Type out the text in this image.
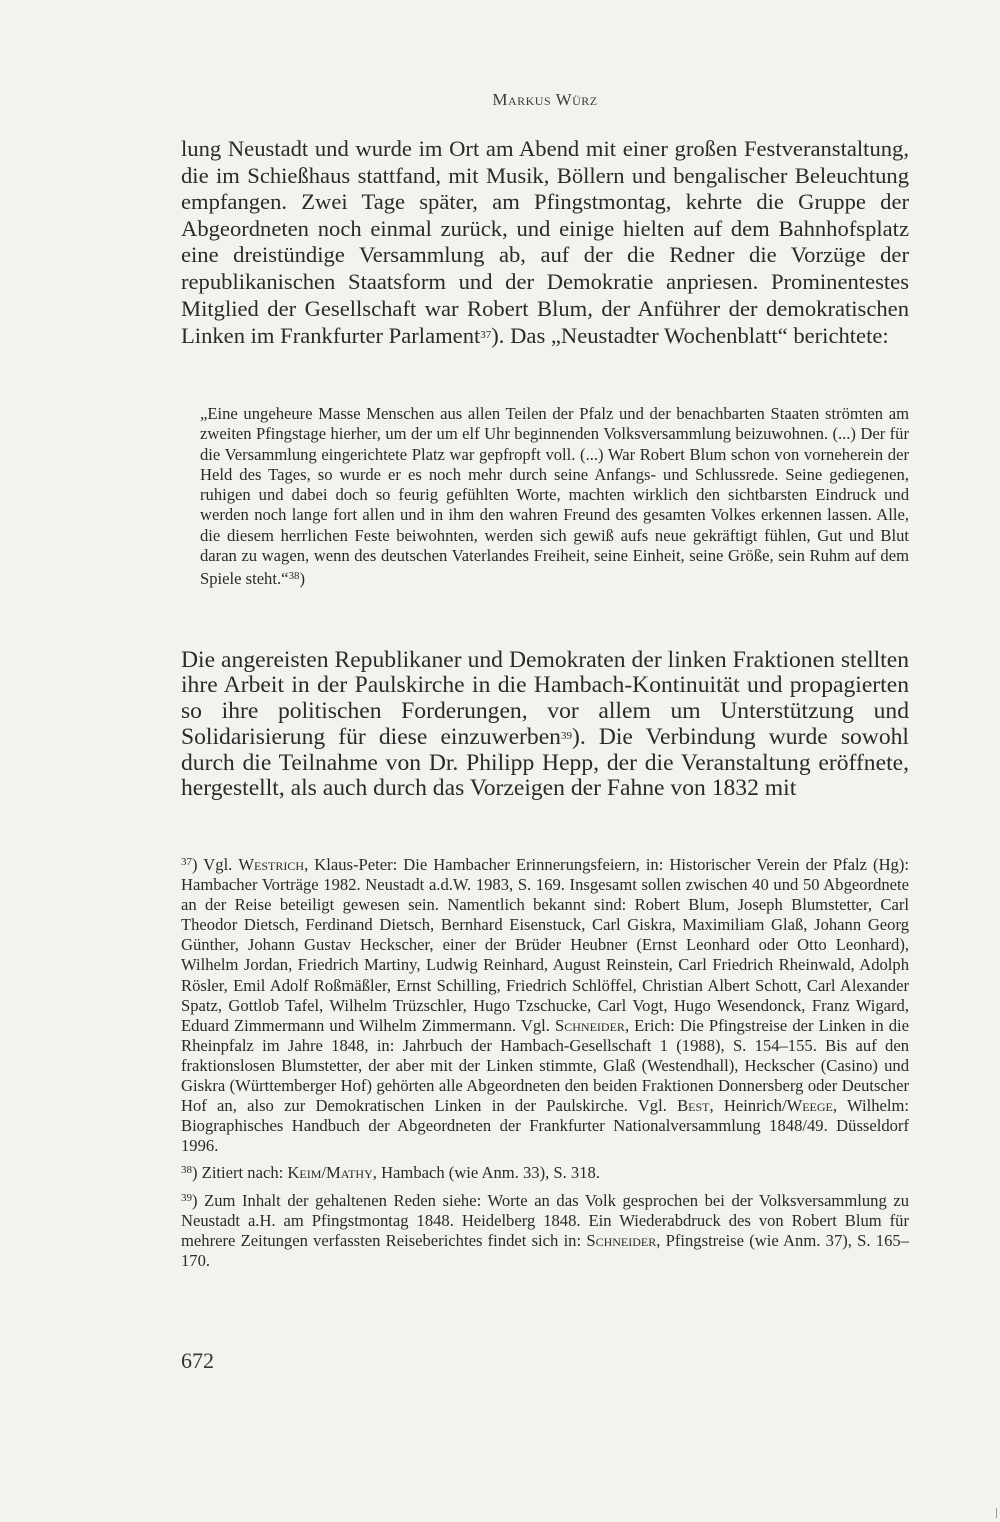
Markus Würz

lung Neustadt und wurde im Ort am Abend mit einer großen Festveranstaltung, die im Schießhaus stattfand, mit Musik, Böllern und bengalischer Beleuchtung empfangen. Zwei Tage später, am Pfingstmontag, kehrte die Gruppe der Abgeordneten noch einmal zurück, und einige hielten auf dem Bahnhofsplatz eine dreistündige Versammlung ab, auf der die Redner die Vorzüge der republikanischen Staatsform und der Demokratie anpriesen. Prominentestes Mitglied der Gesellschaft war Robert Blum, der Anführer der demokratischen Linken im Frankfurter Parlament$^{37}$). Das „Neustadter Wochenblatt“ berichtete:

„Eine ungeheure Masse Menschen aus allen Teilen der Pfalz und der benachbarten Staaten strömten am zweiten Pfingstage hierher, um der um elf Uhr beginnenden Volksversammlung beizuwohnen. (...) Der für die Versammlung eingerichtete Platz war gepfropft voll. (...) War Robert Blum schon von vorneherein der Held des Tages, so wurde er es noch mehr durch seine Anfangs- und Schlussrede. Seine gediegenen, ruhigen und dabei doch so feurig gefühlten Worte, machten wirklich den sichtbarsten Eindruck und werden noch lange fort allen und in ihm den wahren Freund des gesamten Volkes erkennen lassen. Alle, die diesem herrlichen Feste beiwohnten, werden sich gewiß aufs neue gekräftigt fühlen, Gut und Blut daran zu wagen, wenn des deutschen Vaterlandes Freiheit, seine Einheit, seine Größe, sein Ruhm auf dem Spiele steht.“$^{38}$)

Die angereisten Republikaner und Demokraten der linken Fraktionen stellten ihre Arbeit in der Paulskirche in die Hambach-Kontinuität und propagierten so ihre politischen Forderungen, vor allem um Unterstützung und Solidarisierung für diese einzuwerben$^{39}$). Die Verbindung wurde sowohl durch die Teilnahme von Dr. Philipp Hepp, der die Veranstaltung eröffnete, hergestellt, als auch durch das Vorzeigen der Fahne von 1832 mit

$^{37}$) Vgl. Westrich, Klaus-Peter: Die Hambacher Erinnerungsfeiern, in: Historischer Verein der Pfalz (Hg): Hambacher Vorträge 1982. Neustadt a.d.W. 1983, S. 169. Insgesamt sollen zwischen 40 und 50 Abgeordnete an der Reise beteiligt gewesen sein. Namentlich bekannt sind: Robert Blum, Joseph Blumstetter, Carl Theodor Dietsch, Ferdinand Dietsch, Bernhard Eisenstuck, Carl Giskra, Maximiliam Glaß, Johann Georg Günther, Johann Gustav Heckscher, einer der Brüder Heubner (Ernst Leonhard oder Otto Leonhard), Wilhelm Jordan, Friedrich Martiny, Ludwig Reinhard, August Reinstein, Carl Friedrich Rheinwald, Adolph Rösler, Emil Adolf Roßmäßler, Ernst Schilling, Friedrich Schlöffel, Christian Albert Schott, Carl Alexander Spatz, Gottlob Tafel, Wilhelm Trüzschler, Hugo Tzschucke, Carl Vogt, Hugo Wesendonck, Franz Wigard, Eduard Zimmermann und Wilhelm Zimmermann. Vgl. Schneider, Erich: Die Pfingstreise der Linken in die Rheinpfalz im Jahre 1848, in: Jahrbuch der Hambach-Gesellschaft 1 (1988), S. 154–155. Bis auf den fraktionslosen Blumstetter, der aber mit der Linken stimmte, Glaß (Westendhall), Heckscher (Casino) und Giskra (Württemberger Hof) gehörten alle Abgeordneten den beiden Fraktionen Donnersberg oder Deutscher Hof an, also zur Demokratischen Linken in der Paulskirche. Vgl. Best, Heinrich/Weege, Wilhelm: Biographisches Handbuch der Abgeordneten der Frankfurter Nationalversammlung 1848/49. Düsseldorf 1996.

$^{38}$) Zitiert nach: Keim/Mathy, Hambach (wie Anm. 33), S. 318.

$^{39}$) Zum Inhalt der gehaltenen Reden siehe: Worte an das Volk gesprochen bei der Volksversammlung zu Neustadt a.H. am Pfingstmontag 1848. Heidelberg 1848. Ein Wiederabdruck des von Robert Blum für mehrere Zeitungen verfassten Reiseberichtes findet sich in: Schneider, Pfingstreise (wie Anm. 37), S. 165–170.

672
